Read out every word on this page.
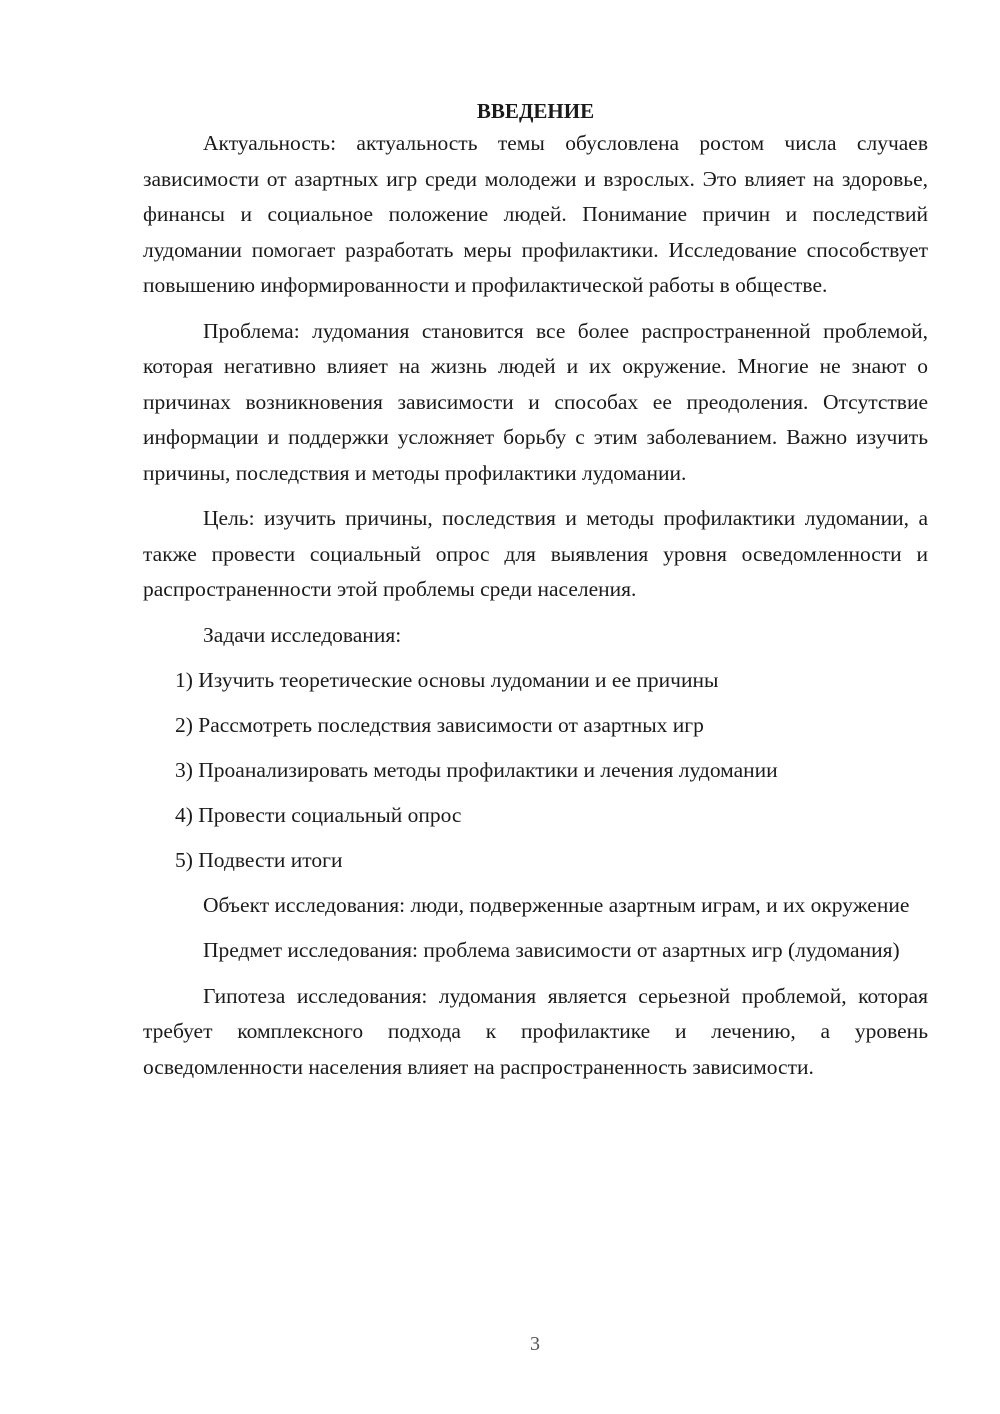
ВВЕДЕНИЕ

Актуальность: актуальность темы обусловлена ростом числа случаев зависимости от азартных игр среди молодежи и взрослых. Это влияет на здоровье, финансы и социальное положение людей. Понимание причин и последствий лудомании помогает разработать меры профилактики. Исследование способствует повышению информированности и профилактической работы в обществе.

Проблема: лудомания становится все более распространенной проблемой, которая негативно влияет на жизнь людей и их окружение. Многие не знают о причинах возникновения зависимости и способах ее преодоления. Отсутствие информации и поддержки усложняет борьбу с этим заболеванием. Важно изучить причины, последствия и методы профилактики лудомании.

Цель: изучить причины, последствия и методы профилактики лудомании, а также провести социальный опрос для выявления уровня осведомленности и распространенности этой проблемы среди населения.

Задачи исследования:

1) Изучить теоретические основы лудомании и ее причины

2) Рассмотреть последствия зависимости от азартных игр

3) Проанализировать методы профилактики и лечения лудомании

4) Провести социальный опрос

5) Подвести итоги

Объект исследования: люди, подверженные азартным играм, и их окружение

Предмет исследования: проблема зависимости от азартных игр (лудомания)

Гипотеза исследования: лудомания является серьезной проблемой, которая требует комплексного подхода к профилактике и лечению, а уровень осведомленности населения влияет на распространенность зависимости.

3
